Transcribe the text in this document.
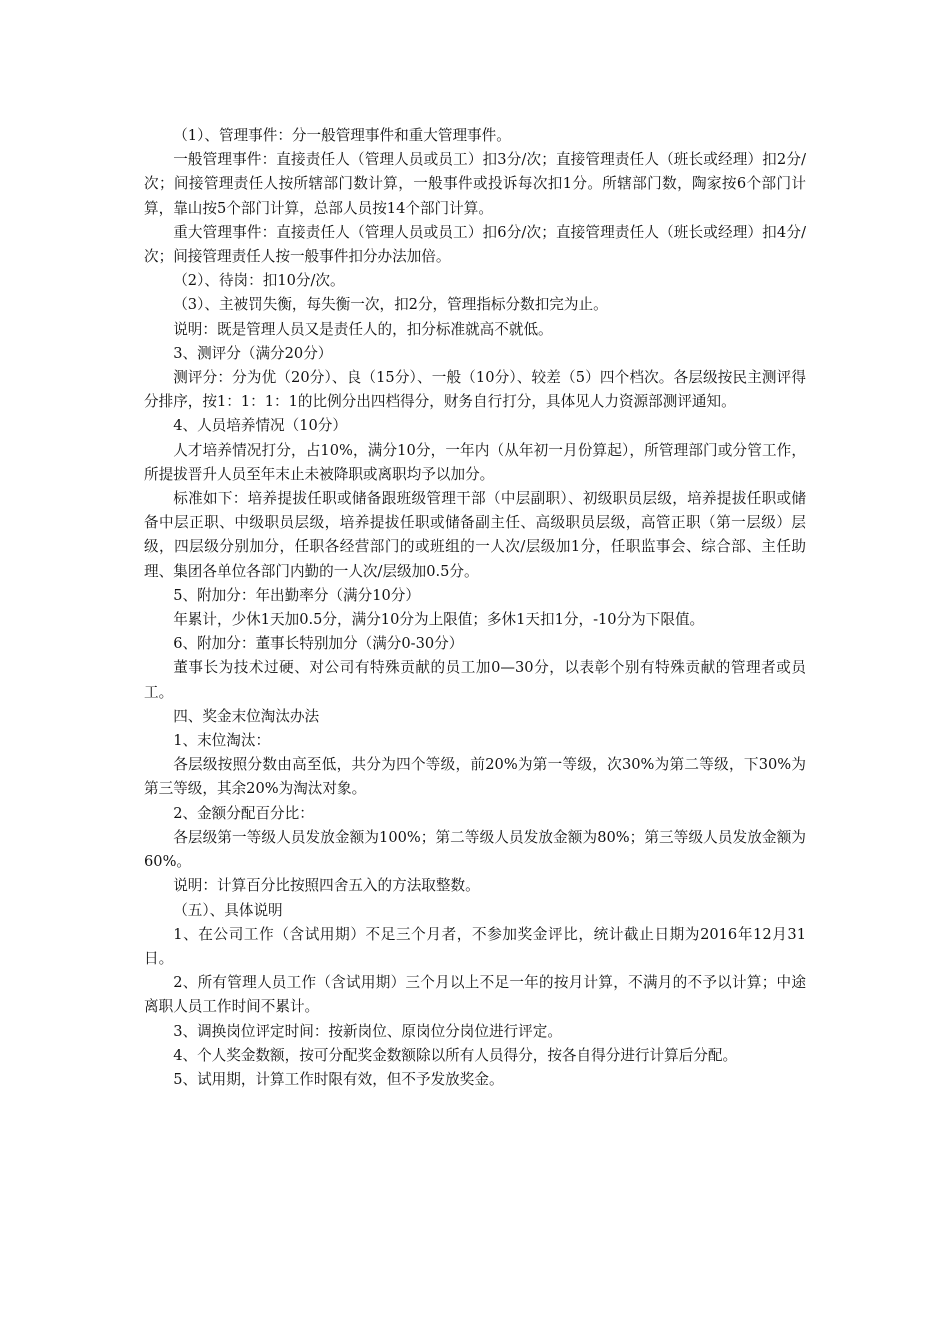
（1）、管理事件：分一般管理事件和重大管理事件。

一般管理事件：直接责任人（管理人员或员工）扣3分/次；直接管理责任人（班长或经理）扣2分/次；间接管理责任人按所辖部门数计算，一般事件或投诉每次扣1分。所辖部门数，陶家按6个部门计算，靠山按5个部门计算，总部人员按14个部门计算。

重大管理事件：直接责任人（管理人员或员工）扣6分/次；直接管理责任人（班长或经理）扣4分/次；间接管理责任人按一般事件扣分办法加倍。

（2）、待岗：扣10分/次。

（3）、主被罚失衡，每失衡一次，扣2分，管理指标分数扣完为止。

说明：既是管理人员又是责任人的，扣分标准就高不就低。

3、测评分（满分20分）

测评分：分为优（20分）、良（15分）、一般（10分）、较差（5）四个档次。各层级按民主测评得分排序，按1：1：1：1的比例分出四档得分，财务自行打分，具体见人力资源部测评通知。

4、人员培养情况（10分）

人才培养情况打分，占10%，满分10分，一年内（从年初一月份算起），所管理部门或分管工作，所提拔晋升人员至年末止未被降职或离职均予以加分。

标准如下：培养提拔任职或储备跟班级管理干部（中层副职）、初级职员层级，培养提拔任职或储备中层正职、中级职员层级，培养提拔任职或储备副主任、高级职员层级，高管正职（第一层级）层级，四层级分别加分，任职各经营部门的或班组的一人次/层级加1分，任职监事会、综合部、主任助理、集团各单位各部门内勤的一人次/层级加0.5分。

5、附加分：年出勤率分（满分10分）

年累计，少休1天加0.5分，满分10分为上限值；多休1天扣1分，-10分为下限值。

6、附加分：董事长特别加分（满分0-30分）

董事长为技术过硬、对公司有特殊贡献的员工加0—30分，以表彰个别有特殊贡献的管理者或员工。

四、奖金末位淘汰办法

1、末位淘汰：

各层级按照分数由高至低，共分为四个等级，前20%为第一等级，次30%为第二等级，下30%为第三等级，其余20%为淘汰对象。

2、金额分配百分比：

各层级第一等级人员发放金额为100%；第二等级人员发放金额为80%；第三等级人员发放金额为60%。

说明：计算百分比按照四舍五入的方法取整数。

（五）、具体说明

1、在公司工作（含试用期）不足三个月者，不参加奖金评比，统计截止日期为2016年12月31日。

2、所有管理人员工作（含试用期）三个月以上不足一年的按月计算，不满月的不予以计算；中途离职人员工作时间不累计。

3、调换岗位评定时间：按新岗位、原岗位分岗位进行评定。

4、个人奖金数额，按可分配奖金数额除以所有人员得分，按各自得分进行计算后分配。

5、试用期，计算工作时限有效，但不予发放奖金。
